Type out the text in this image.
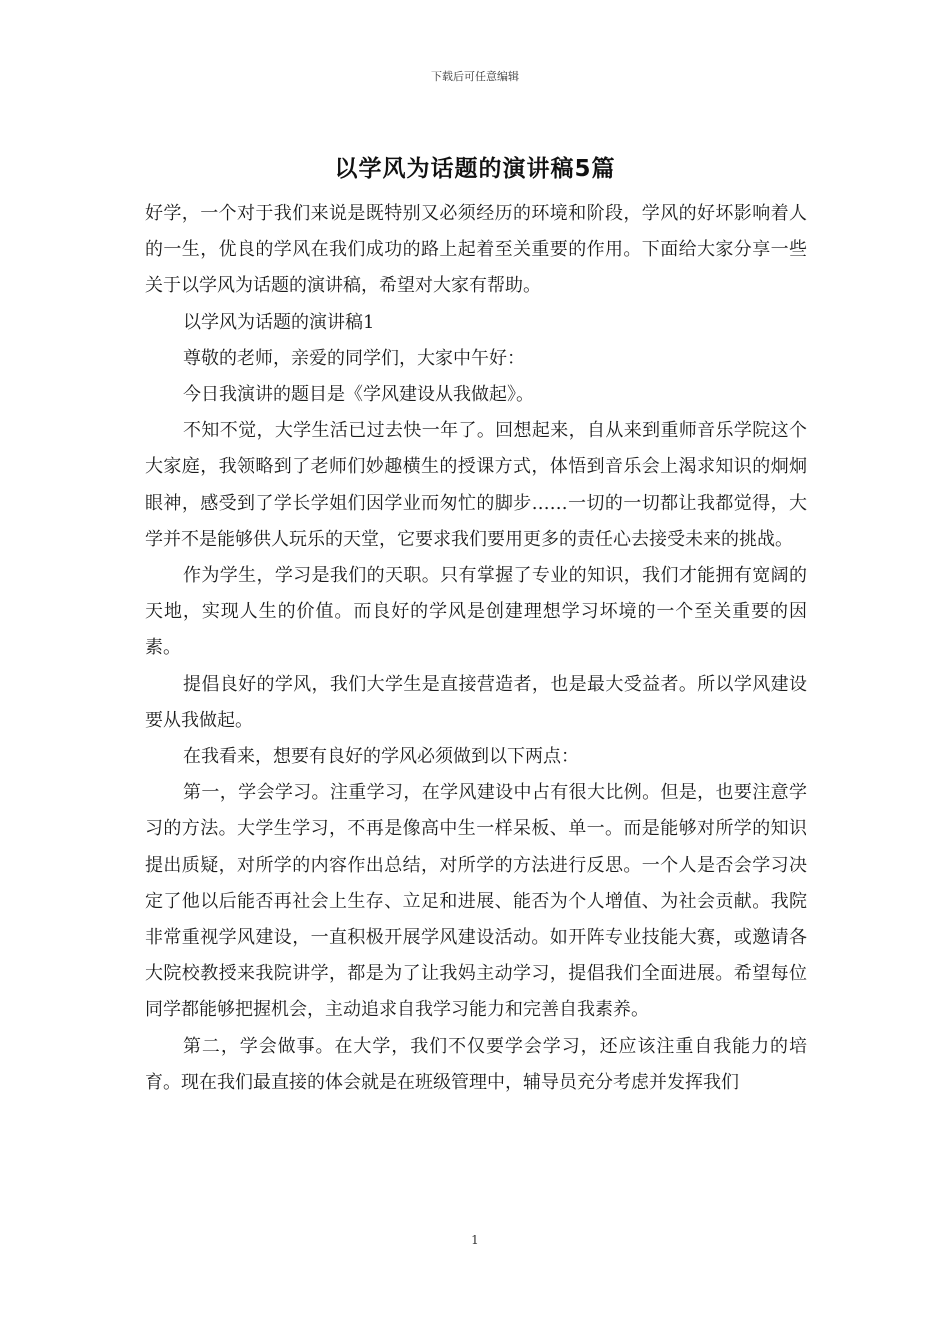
下载后可任意编辑
以学风为话题的演讲稿5篇

好学，一个对于我们来说是既特别又必须经历的环境和阶段，学风的好坏影响着人的一生，优良的学风在我们成功的路上起着至关重要的作用。下面给大家分享一些关于以学风为话题的演讲稿，希望对大家有帮助。

以学风为话题的演讲稿1

尊敬的老师，亲爱的同学们，大家中午好：

今日我演讲的题目是《学风建设从我做起》。

不知不觉，大学生活已过去快一年了。回想起来，自从来到重师音乐学院这个大家庭，我领略到了老师们妙趣横生的授课方式，体悟到音乐会上渴求知识的炯炯眼神，感受到了学长学姐们因学业而匆忙的脚步……一切的一切都让我都觉得，大学并不是能够供人玩乐的天堂，它要求我们要用更多的责任心去接受未来的挑战。

作为学生，学习是我们的天职。只有掌握了专业的知识，我们才能拥有宽阔的天地，实现人生的价值。而良好的学风是创建理想学习坏境的一个至关重要的因素。

提倡良好的学风，我们大学生是直接营造者，也是最大受益者。所以学风建设要从我做起。

在我看来，想要有良好的学风必须做到以下两点：

第一，学会学习。注重学习，在学风建设中占有很大比例。但是，也要注意学习的方法。大学生学习，不再是像高中生一样呆板、单一。而是能够对所学的知识提出质疑，对所学的内容作出总结，对所学的方法进行反思。一个人是否会学习决定了他以后能否再社会上生存、立足和进展、能否为个人增值、为社会贡献。我院非常重视学风建设，一直积极开展学风建设活动。如开阵专业技能大赛，或邀请各大院校教授来我院讲学，都是为了让我妈主动学习，提倡我们全面进展。希望每位同学都能够把握机会，主动追求自我学习能力和完善自我素养。

第二，学会做事。在大学，我们不仅要学会学习，还应该注重自我能力的培育。现在我们最直接的体会就是在班级管理中，辅导员充分考虑并发挥我们

1
